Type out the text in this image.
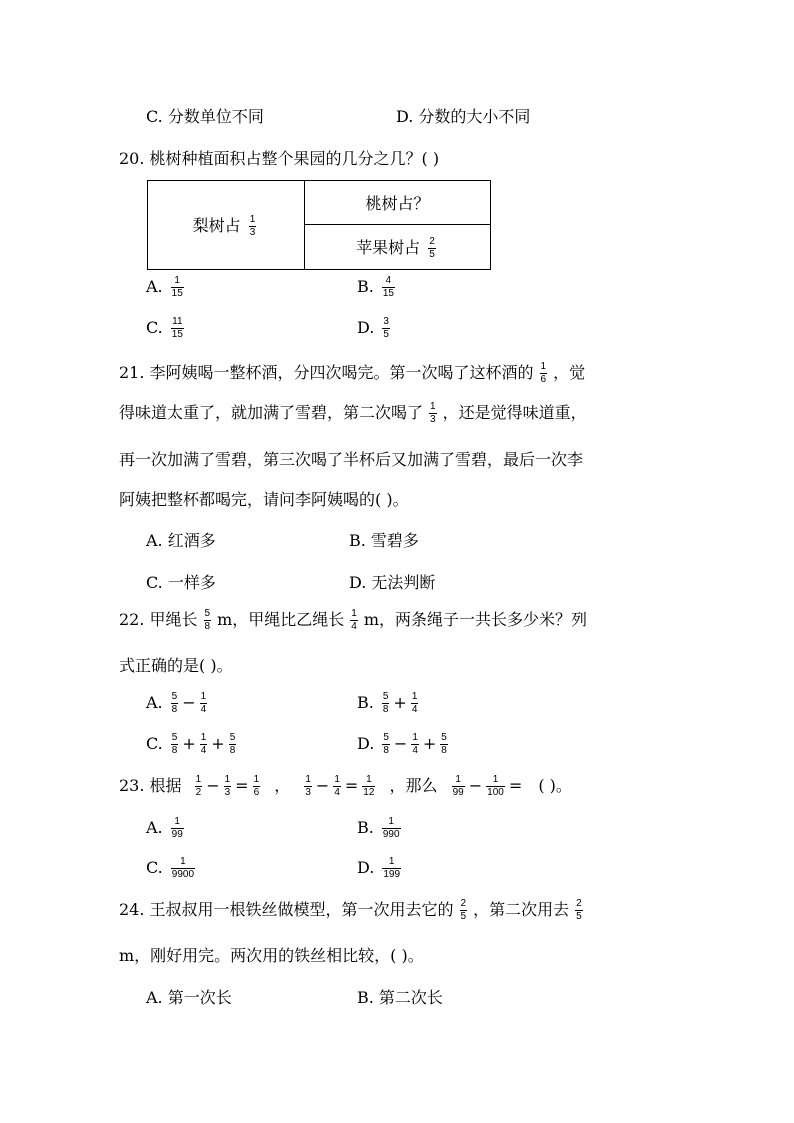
C. 分数单位不同	D. 分数的大小不同
20. 桃树种植面积占整个果园的几分之几？( )
梨树占 $\frac{1}{3}$
	桃树占？
苹果树占 $\frac{2}{5}$
A. $\frac{1}{15}$	B. $\frac{4}{15}$
C. $\frac{11}{15}$	D. $\frac{3}{5}$
21. 李阿姨喝一整杯酒，分四次喝完。第一次喝了这杯酒的 $\frac{1}{6}$ ，觉
得味道太重了，就加满了雪碧，第二次喝了 $\frac{1}{3}$ ，还是觉得味道重，
再一次加满了雪碧，第三次喝了半杯后又加满了雪碧，最后一次李
阿姨把整杯都喝完，请问李阿姨喝的( )。
A. 红酒多	B. 雪碧多
C. 一样多	D. 无法判断
22. 甲绳长 $\frac{5}{8}$ m，甲绳比乙绳长 $\frac{1}{4}$ m，两条绳子一共长多少米？列
式正确的是( )。
A. $\frac{5}{8} - \frac{1}{4}$	B. $\frac{5}{8} + \frac{1}{4}$
C. $\frac{5}{8} + \frac{1}{4} + \frac{5}{8}$	D. $\frac{5}{8} - \frac{1}{4} + \frac{5}{8}$
23. 根据 $\frac{1}{2} - \frac{1}{3} = \frac{1}{6}$ ， $\frac{1}{3} - \frac{1}{4} = \frac{1}{12}$ ，那么 $\frac{1}{99} - \frac{1}{100}$ = ( )。
A. $\frac{1}{99}$	B. $\frac{1}{990}$
C. $\frac{1}{9900}$	D. $\frac{1}{199}$
24. 王叔叔用一根铁丝做模型，第一次用去它的 $\frac{2}{5}$ ，第二次用去 $\frac{2}{5}$
m，刚好用完。两次用的铁丝相比较，( )。
A. 第一次长	B. 第二次长
